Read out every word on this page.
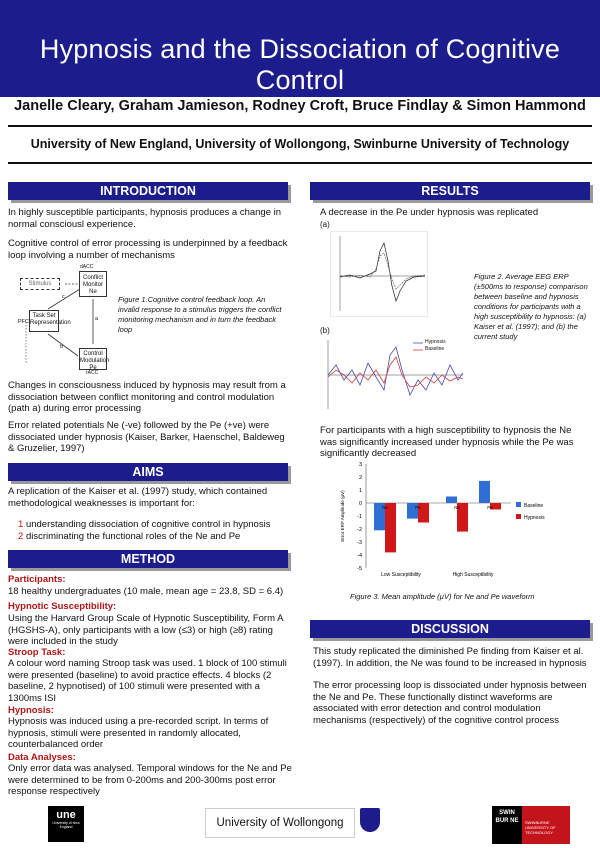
Hypnosis and the Dissociation of Cognitive Control
Janelle Cleary, Graham Jamieson, Rodney Croft, Bruce Findlay & Simon Hammond
University of New England, University of Wollongong, Swinburne University of Technology
INTRODUCTION
In highly susceptible participants, hypnosis produces a change in normal consciousl experience.
Cognitive control of error processing is underpinned by a feedback loop involving a number of mechanisms
Stimulus
dACC
Conflict Monitor Ne
Task Set Representation
PFC
Control Modulation Pe
rACC
a
b
c	Figure 1.Cognitive control feedback loop. An invalid response to a stimulus triggers the conflict monitoring mechanism and in turn the feedback loop
Changes in consciousness induced by hypnosis may result from a dissociation between conflict monitoring and control modulation (path a) during error processing
Error related potentials Ne (-ve) followed by the Pe (+ve) were dissociated under hypnosis (Kaiser, Barker, Haenschel, Baldeweg & Gruzelier, 1997)
AIMS
A replication of the Kaiser et al. (1997) study, which contained methodological weaknesses is important for:
1 understanding dissociation of cognitive control in hypnosis
2 discriminating the functional roles of the Ne and Pe
METHOD
Participants:
18 healthy undergraduates (10 male, mean age = 23.8, SD = 6.4)
Hypnotic Susceptibility:
Using the Harvard Group Scale of Hypnotic Susceptibility, Form A (HGSHS-A), only participants with a low (≤3) or high (≥8) rating were included in the study
Stroop Task:
A colour word naming Stroop task was used. 1 block of 100 stimuli were presented (baseline) to avoid practice effects. 4 blocks (2 baseline, 2 hypnotised) of 100 stimuli were presented with a 1300ms ISI
Hypnosis:
Hypnosis was induced using a pre-recorded script. In terms of hypnosis, stimuli were presented in randomly allocated, counterbalanced order
Data Analyses:
Only error data was analysed. Temporal windows for the Ne and Pe were determined to be from 0-200ms and 200-300ms post error response respectively
RESULTS
A decrease in the Pe under hypnosis was replicated
(a)
Figure 2. Average EEG ERP (±500ms to response) comparison between baseline and hypnosis conditions for participants with a high susceptibility to hypnosis: (a) Kaiser et al. (1997); and (b) the current study
(b)
Hypnosis
Baseline
For participants with a high susceptibility to hypnosis the Ne was significantly increased under hypnosis while the Pe was significantly decreased
3
2
1
0
-1
-2
-3
-4
-5
Error ERP Amplitude (µV)	Ne	Pe	Ne	Pe
Low Susceptibility	High Susceptibility
Baseline
Hypnosis
Figure 3. Mean amplitude (µV) for Ne and Pe waveform
DISCUSSION
This study replicated the diminished Pe finding from Kaiser et al. (1997). In addition, the Ne was found to be increased in hypnosis
The error processing loop is dissociated under hypnosis between the Ne and Pe. These functionally distinct waveforms are associated with error detection and control modulation mechanisms (respectively) of the cognitive control process
une
University of New England	University of Wollongong
SWIN BUR NE	SWINBURNE UNIVERSITY OF TECHNOLOGY
